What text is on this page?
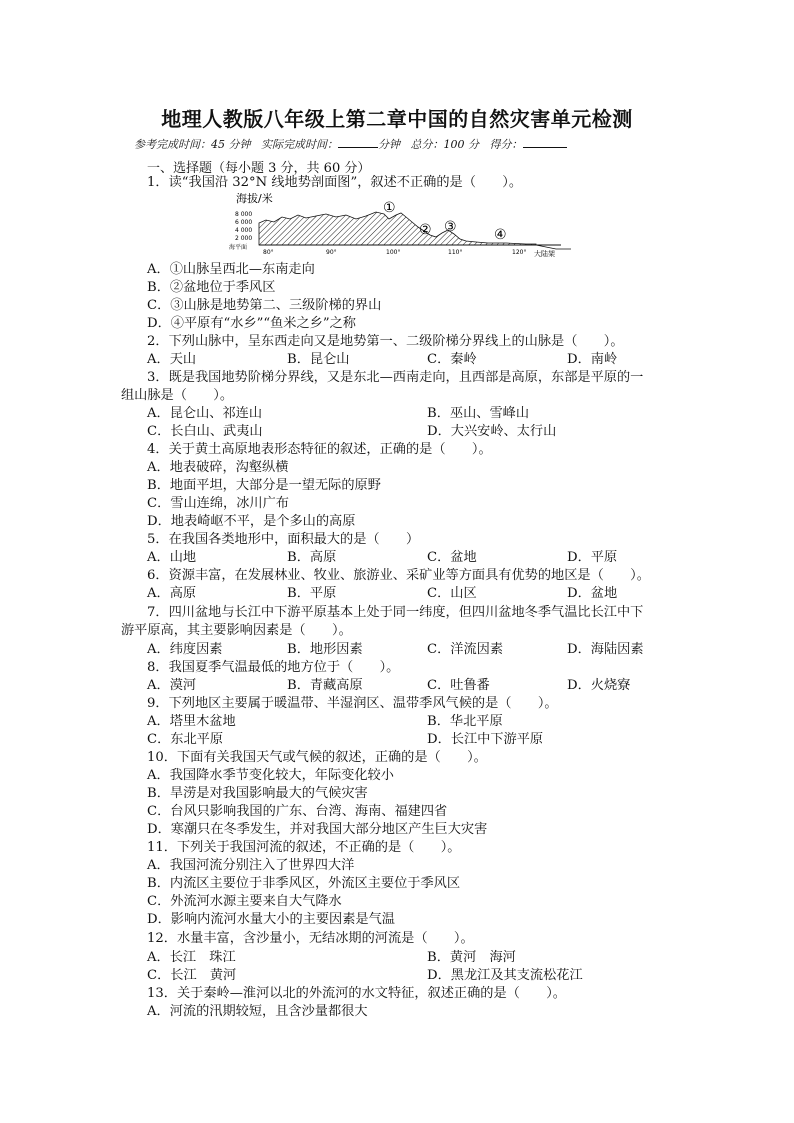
地理人教版八年级上第二章中国的自然灾害单元检测
参考完成时间：45 分钟 实际完成时间：	分钟 总分：100 分 得分：
一、选择题（每小题 3 分，共 60 分）
1．读“我国沿 32°N 线地势剖面图”，叙述不正确的是（　　）。
海拔/米
8 000
6 000
4 000
2 000
海平面
80°	90°	100°	110°	120° 大陆架
①
② ③	④
A．①山脉呈西北—东南走向
B．②盆地位于季风区
C．③山脉是地势第二、三级阶梯的界山
D．④平原有“水乡”“鱼米之乡”之称
2．下列山脉中，呈东西走向又是地势第一、二级阶梯分界线上的山脉是（　　）。
A．天山	B．昆仑山	C．秦岭	D．南岭
3．既是我国地势阶梯分界线，又是东北—西南走向，且西部是高原，东部是平原的一
组山脉是（　　）。
A．昆仑山、祁连山	B．巫山、雪峰山
C．长白山、武夷山	D．大兴安岭、太行山
4．关于黄土高原地表形态特征的叙述，正确的是（　　）。
A．地表破碎，沟壑纵横
B．地面平坦，大部分是一望无际的原野
C．雪山连绵，冰川广布
D．地表崎岖不平，是个多山的高原
5．在我国各类地形中，面积最大的是（　　）
A．山地	B．高原	C．盆地	D．平原
6．资源丰富，在发展林业、牧业、旅游业、采矿业等方面具有优势的地区是（　　）。
A．高原	B．平原	C．山区	D．盆地
7．四川盆地与长江中下游平原基本上处于同一纬度，但四川盆地冬季气温比长江中下
游平原高，其主要影响因素是（　　）。
A．纬度因素	B．地形因素	C．洋流因素	D．海陆因素
8．我国夏季气温最低的地方位于（　　）。
A．漠河	B．青藏高原	C．吐鲁番	D．火烧寮
9．下列地区主要属于暖温带、半湿润区、温带季风气候的是（　　）。
A．塔里木盆地	B．华北平原
C．东北平原	D．长江中下游平原
10．下面有关我国天气或气候的叙述，正确的是（　　）。
A．我国降水季节变化较大，年际变化较小
B．旱涝是对我国影响最大的气候灾害
C．台风只影响我国的广东、台湾、海南、福建四省
D．寒潮只在冬季发生，并对我国大部分地区产生巨大灾害
11．下列关于我国河流的叙述，不正确的是（　　）。
A．我国河流分别注入了世界四大洋
B．内流区主要位于非季风区，外流区主要位于季风区
C．外流河水源主要来自大气降水
D．影响内流河水量大小的主要因素是气温
12．水量丰富，含沙量小，无结冰期的河流是（　　）。
A．长江　珠江	B．黄河　海河
C．长江　黄河	D．黑龙江及其支流松花江
13．关于秦岭—淮河以北的外流河的水文特征，叙述正确的是（　　）。
A．河流的汛期较短，且含沙量都很大
